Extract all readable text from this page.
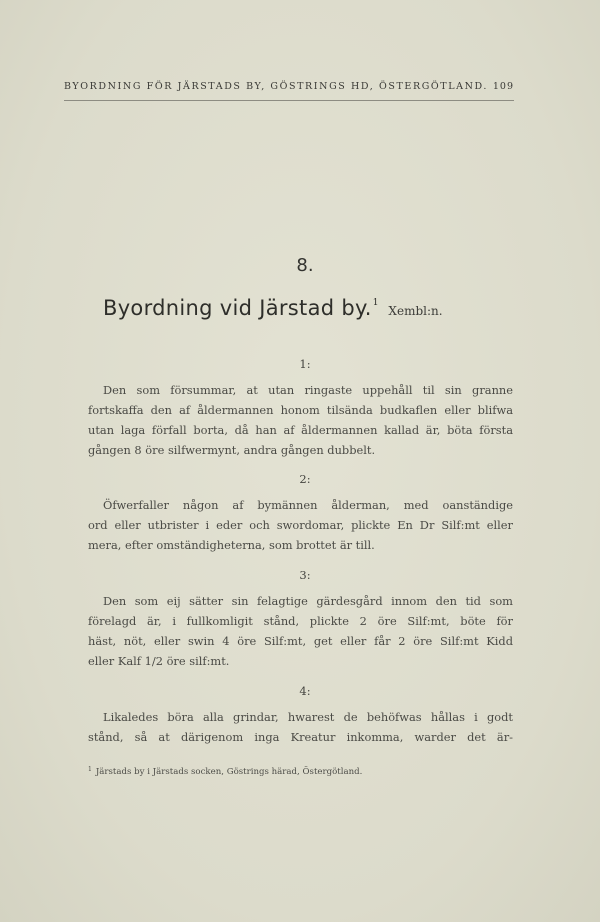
BYORDNING FÖR JÄRSTADS BY, GÖSTRINGS HD, ÖSTERGÖTLAND. 109
8.
Byordning vid Järstad by.$^1$Xembl:n.
1:
Den som försummar, at utan ringaste uppehåll til sin granne
fortskaffa den af åldermannen honom tilsända budkaflen eller blifwa
utan laga förfall borta, då han af åldermannen kallad är, böta första
gången 8 öre silfwermynt, andra gången dubbelt.
2:
Öfwerfaller någon af bymännen ålderman, med oanständige
ord eller utbrister i eder och swordomar, plickte En Dr Silf:mt eller
mera, efter omständigheterna, som brottet är till.
3:
Den som eij sätter sin felagtige gärdesgård innom den tid som
förelagd är, i fullkomligit stånd, plickte 2 öre Silf:mt, böte för
häst, nöt, eller swin 4 öre Silf:mt, get eller får 2 öre Silf:mt Kidd
eller Kalf 1/2 öre silf:mt.
4:
Likaledes böra alla grindar, hwarest de behöfwas hållas i godt
stånd, så at därigenom inga Kreatur inkomma, warder det är-
$^1$ Järstads by i Järstads socken, Göstrings härad, Östergötland.
